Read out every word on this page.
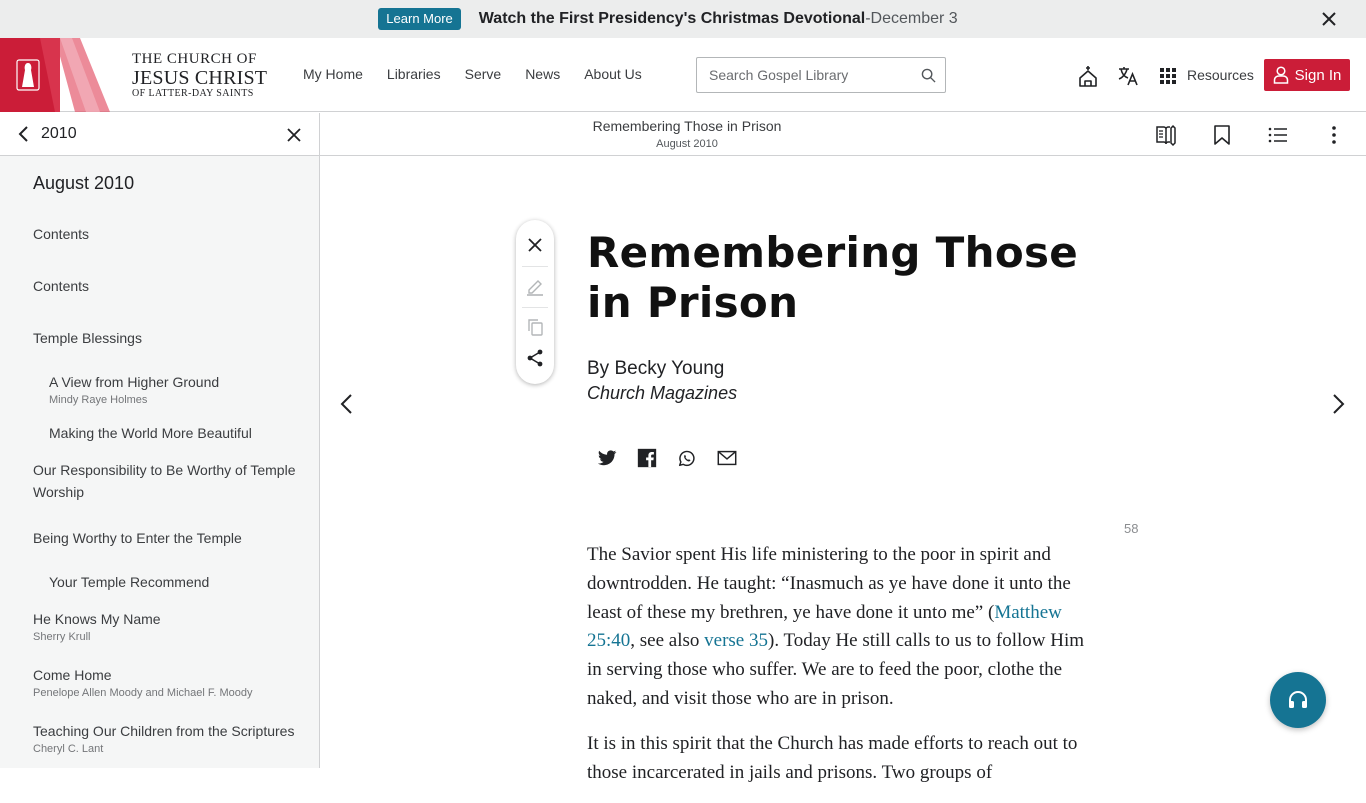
Learn More	Watch the First Presidency's Christmas Devotional - December 3
THE CHURCH OF
JESUS CHRIST
OF LATTER-DAY SAINTS
My Home Libraries Serve News About Us
Search Gospel Library	Resources	Sign In
2010
August 2010
Contents
Contents
Temple Blessings
A View from Higher Ground
Mindy Raye Holmes
Making the World More Beautiful
Our Responsibility to Be Worthy of Temple Worship
Being Worthy to Enter the Temple
Your Temple Recommend
He Knows My Name
Sherry Krull
Come Home
Penelope Allen Moody and Michael F. Moody
Teaching Our Children from the Scriptures
Cheryl C. Lant
Remembering Those in Prison
August 2010
Remembering Those in Prison
By Becky Young
Church Magazines
58

The Savior spent His life ministering to the poor in spirit and downtrodden. He taught: “Inasmuch as ye have done it unto the least of these my brethren, ye have done it unto me” (Matthew 25:40, see also verse 35). Today He still calls to us to follow Him in serving those who suffer. We are to feed the poor, clothe the naked, and visit those who are in prison.

It is in this spirit that the Church has made efforts to reach out to those incarcerated in jails and prisons. Two groups of
